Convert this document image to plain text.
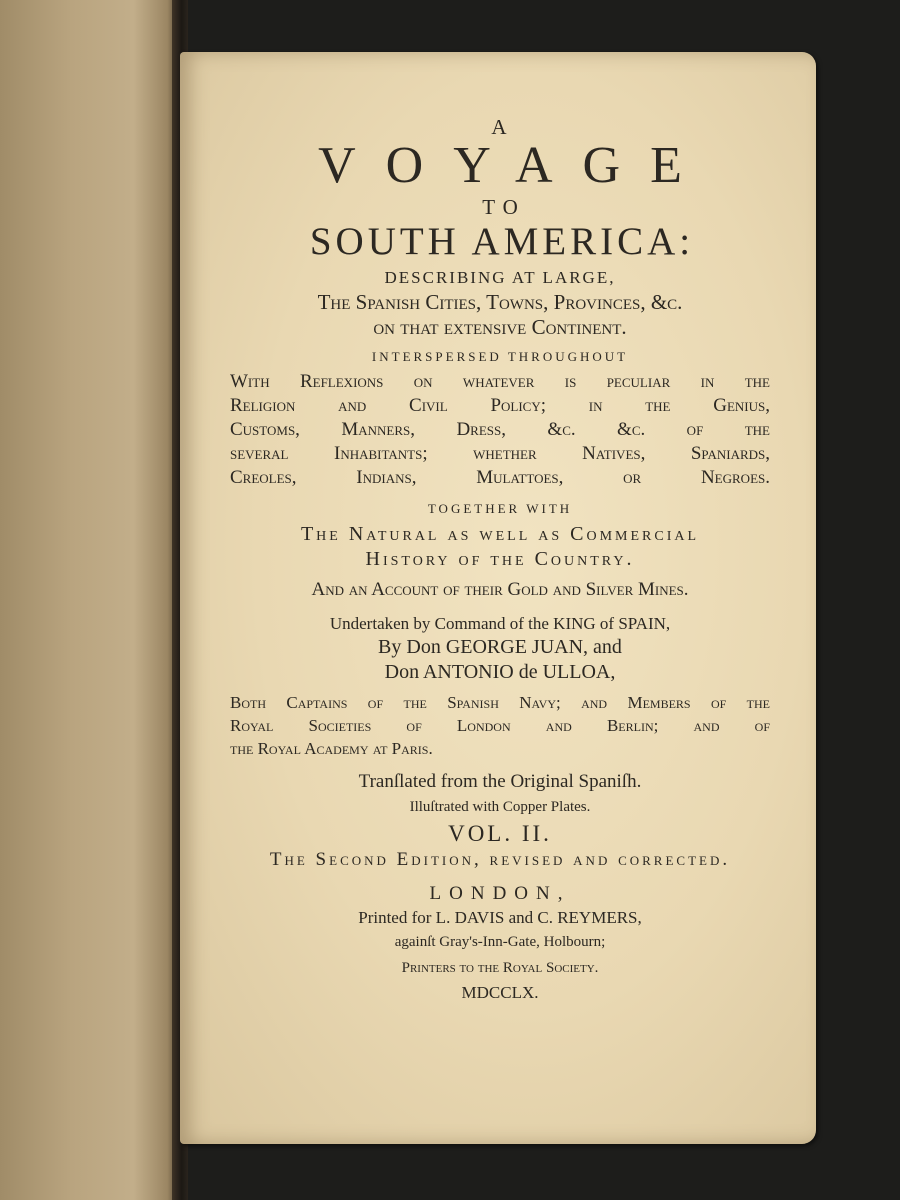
A
VOYAGE
TO
SOUTH AMERICA:
DESCRIBING AT LARGE,
The Spanish Cities, Towns, Provinces, &c.
on that extensive Continent.
INTERSPERSED THROUGHOUT
With Reflexions on whatever is peculiar in the
Religion and Civil Policy; in the Genius,
Customs, Manners, Dress, &c. &c. of the
ſeveral Inhabitants; whether Natives, Spaniards,
Creoles, Indians, Mulattoes, or Negroes.
TOGETHER WITH
The Natural as well as Commercial
History of the Country.
And an Account of their Gold and Silver Mines.
Undertaken by Command of the KING of SPAIN,
By Don GEORGE JUAN, and
Don ANTONIO de ULLOA,
Both Captains of the Spanish Navy; and Members of the
Royal Societies of London and Berlin; and of
the Royal Academy at Paris.
Tranſlated from the Original Spaniſh.
Illuſtrated with Copper Plates.
VOL. II.
The Second Edition, reviſed and corrected.
LONDON,
Printed for L. DAVIS and C. REYMERS,
againſt Gray's-Inn-Gate, Holbourn;
Printers to the Royal Society.
MDCCLX.
